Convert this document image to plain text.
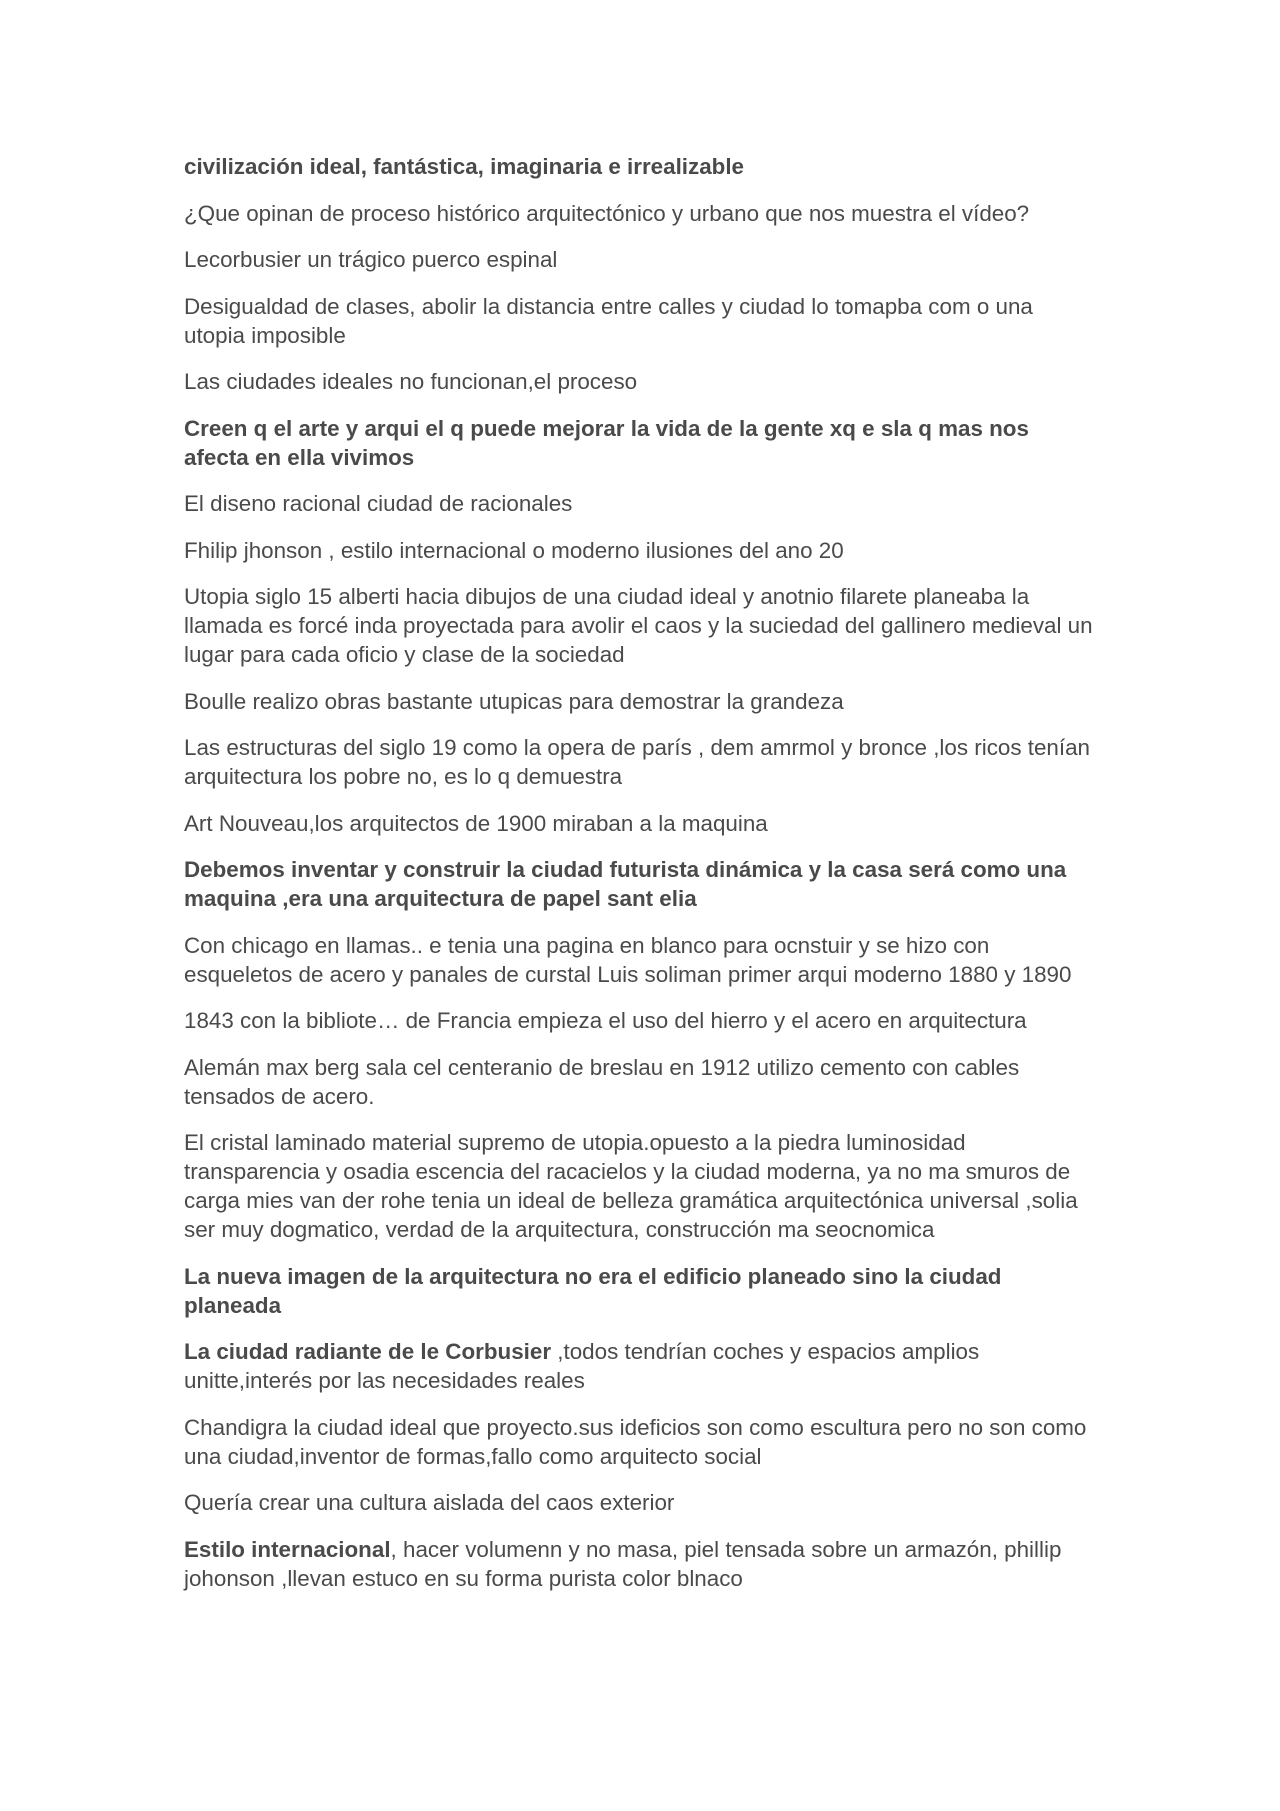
civilización ideal, fantástica, imaginaria e irrealizable

¿Que opinan de proceso histórico arquitectónico y urbano que nos muestra el vídeo?

Lecorbusier un trágico puerco espinal

Desigualdad de clases, abolir la distancia entre calles y ciudad lo tomapba com o una utopia imposible

Las ciudades ideales no funcionan,el proceso

Creen q el arte y arqui el q puede mejorar la vida de la gente xq e sla q mas nos afecta en ella vivimos

El diseno racional ciudad de racionales

Fhilip jhonson , estilo internacional o moderno ilusiones del ano 20

Utopia siglo 15 alberti hacia dibujos de una ciudad ideal y anotnio filarete planeaba la llamada es forcé inda proyectada para avolir el caos y la suciedad del gallinero medieval un lugar para cada oficio y clase de la sociedad

Boulle realizo obras bastante utupicas para demostrar la grandeza

Las estructuras del siglo 19 como la opera de parís , dem amrmol y bronce ,los ricos tenían arquitectura los pobre no, es lo q demuestra

Art Nouveau,los arquitectos de 1900 miraban a la maquina

Debemos inventar y construir la ciudad futurista dinámica y la casa será como una maquina ,era una arquitectura de papel sant elia

Con chicago en llamas.. e tenia una pagina en blanco para ocnstuir y se hizo con esqueletos de acero y panales de curstal Luis soliman primer arqui moderno 1880 y 1890

1843 con la bibliote… de Francia empieza el uso del hierro y el acero en arquitectura

Alemán max berg sala cel centeranio de breslau en 1912 utilizo cemento con cables tensados de acero.

El cristal laminado material supremo de utopia.opuesto a la piedra luminosidad transparencia y osadia escencia del racacielos y la ciudad moderna, ya no ma smuros de carga mies van der rohe tenia un ideal de belleza gramática arquitectónica universal ,solia ser muy dogmatico, verdad de la arquitectura, construcción ma seocnomica

La nueva imagen de la arquitectura no era el edificio planeado sino la ciudad planeada

La ciudad radiante de le Corbusier ,todos tendrían coches y espacios amplios unitte,interés por las necesidades reales

Chandigra la ciudad ideal que proyecto.sus ideficios son como escultura pero no son como una ciudad,inventor de formas,fallo como arquitecto social

Quería crear una cultura aislada del caos exterior

Estilo internacional, hacer volumenn y no masa, piel tensada sobre un armazón, phillip johonson ,llevan estuco en su forma purista color blnaco
